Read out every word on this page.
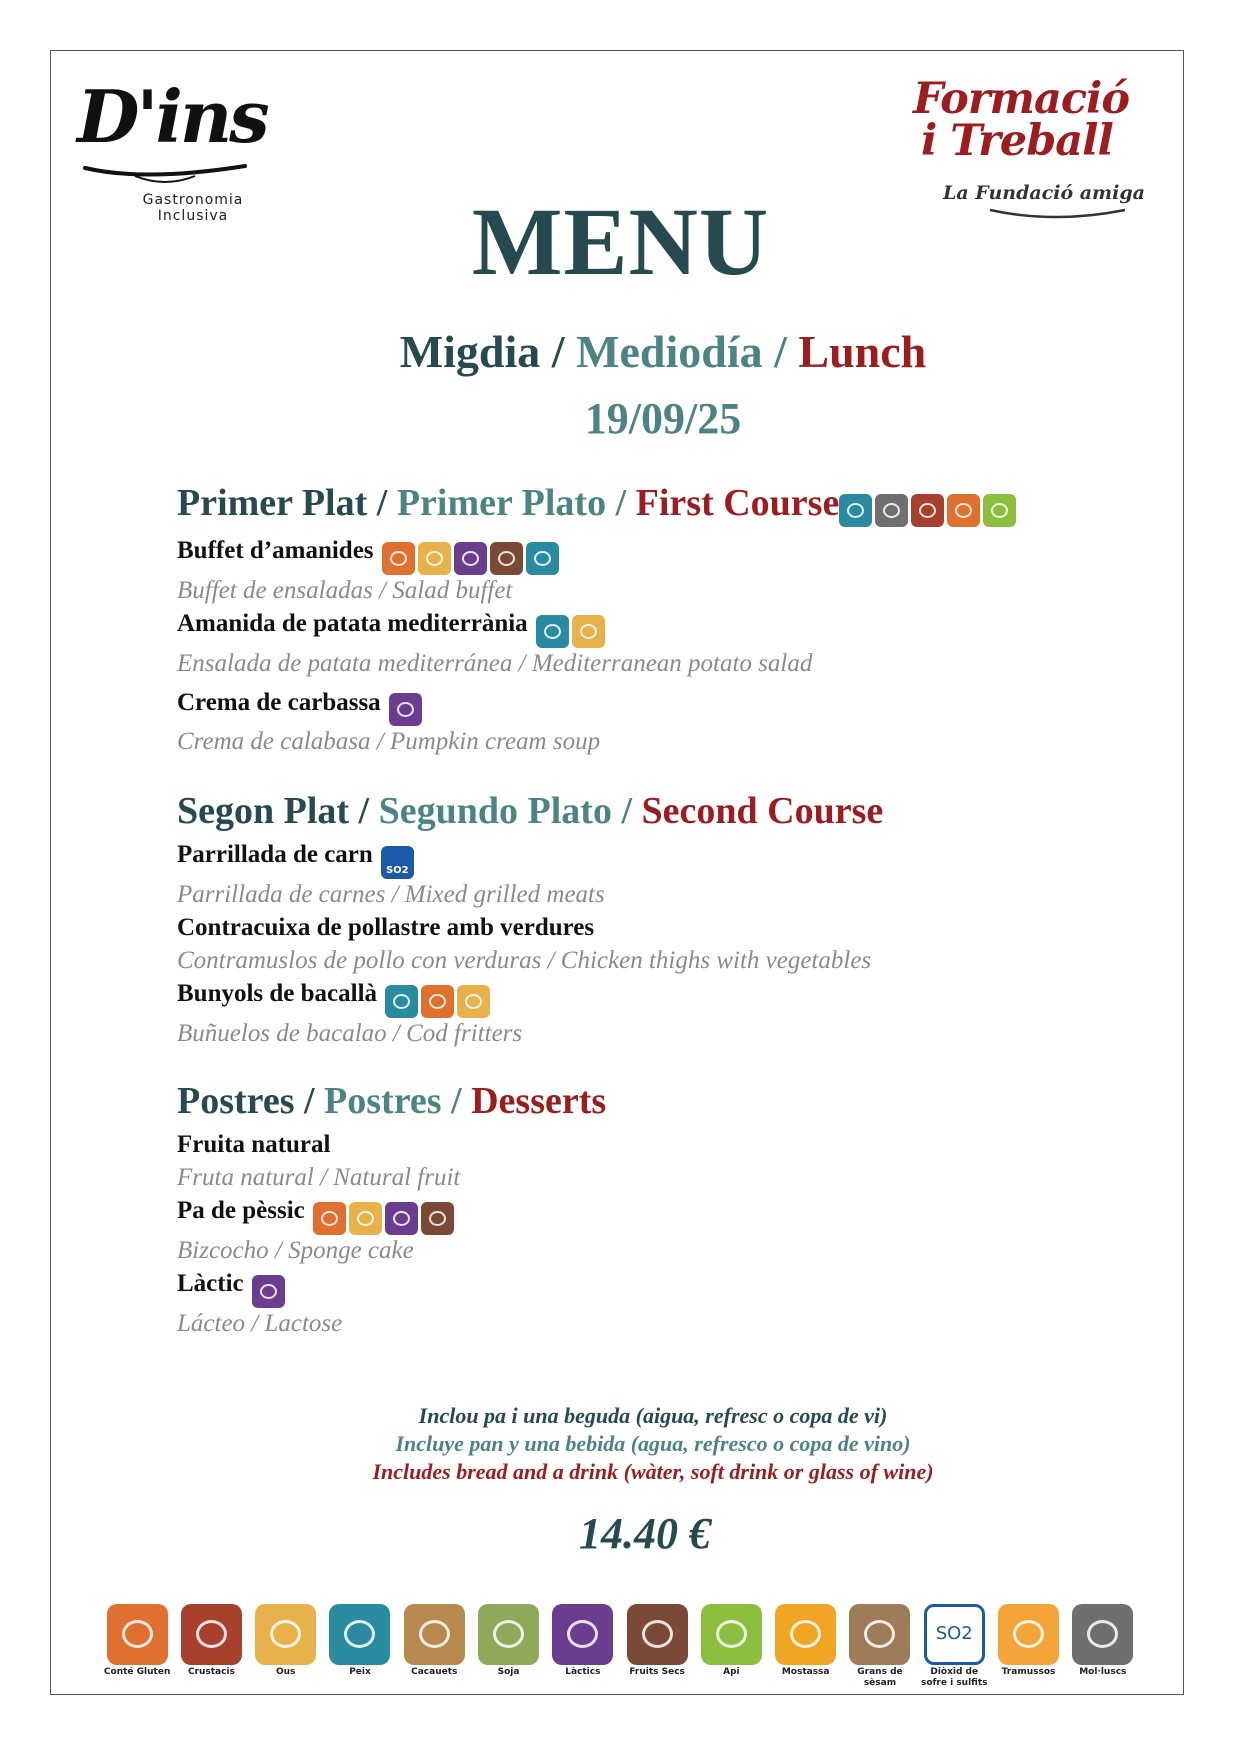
D'ins
Gastronomia
Inclusiva
Formació
i Treball
La Fundació amiga
MENU
Migdia / Mediodía / Lunch
19/09/25
Primer Plat / Primer Plato / First Course
Buffet d’amanides
Buffet de ensaladas / Salad buffet
Amanida de patata mediterrània
Ensalada de patata mediterránea / Mediterranean potato salad
Crema de carbassa
Crema de calabasa / Pumpkin cream soup
Segon Plat / Segundo Plato / Second Course
Parrillada de carnSO2
Parrillada de carnes / Mixed grilled meats
Contracuixa de pollastre amb verdures
Contramuslos de pollo con verduras / Chicken thighs with vegetables
Bunyols de bacallà
Buñuelos de bacalao / Cod fritters
Postres / Postres / Desserts
Fruita natural
Fruta natural / Natural fruit
Pa de pèssic
Bizcocho / Sponge cake
Làctic
Lácteo / Lactose
Inclou pa i una beguda (aigua, refresc o copa de vi)
Incluye pan y una bebida (agua, refresco o copa de vino)
Includes bread and a drink (wàter, soft drink or glass of wine)
14.40 €
Conté Gluten	Crustacis	Ous	Peix	Cacauets	Soja	Làctics	Fruits Secs	Api	Mostassa	Grans de sèsam
SO2
Diòxid de sofre i sulfits
Tramussos	Mol·luscs
